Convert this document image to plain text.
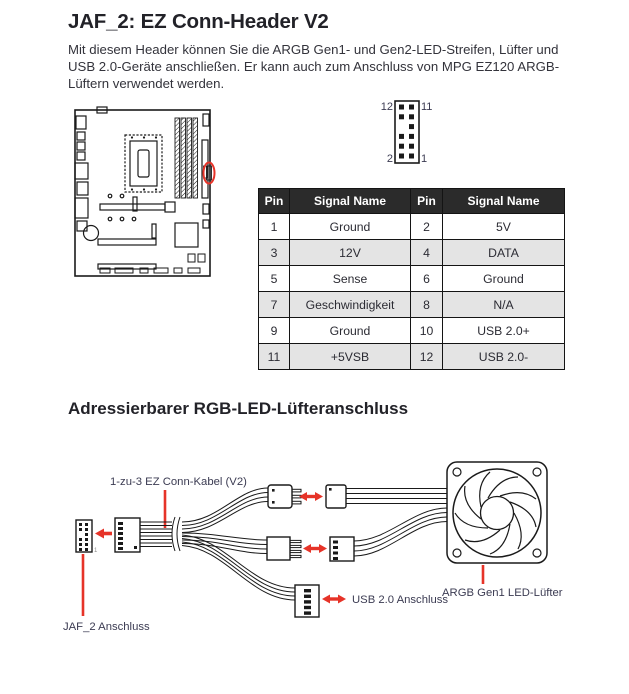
JAF_2: EZ Conn-Header V2

Mit diesem Header können Sie die ARGB Gen1- und Gen2-LED-Streifen, Lüfter und USB 2.0-Geräte anschließen. Er kann auch zum Anschluss von MPG EZ120 ARGB-Lüftern verwendet werden.

12	11
2	1
Pin	Signal Name	Pin	Signal Name
1	Ground	2	5V
3	12V	4	DATA
5	Sense	6	Ground
7	Geschwindigkeit	8	N/A
9	Ground	10	USB 2.0+
11	+5VSB	12	USB 2.0-
Adressierbarer RGB-LED-Lüfteranschluss
1
1-zu-3 EZ Conn-Kabel (V2)
JAF_2 Anschluss
USB 2.0 Anschluss
ARGB Gen1 LED-Lüfter
